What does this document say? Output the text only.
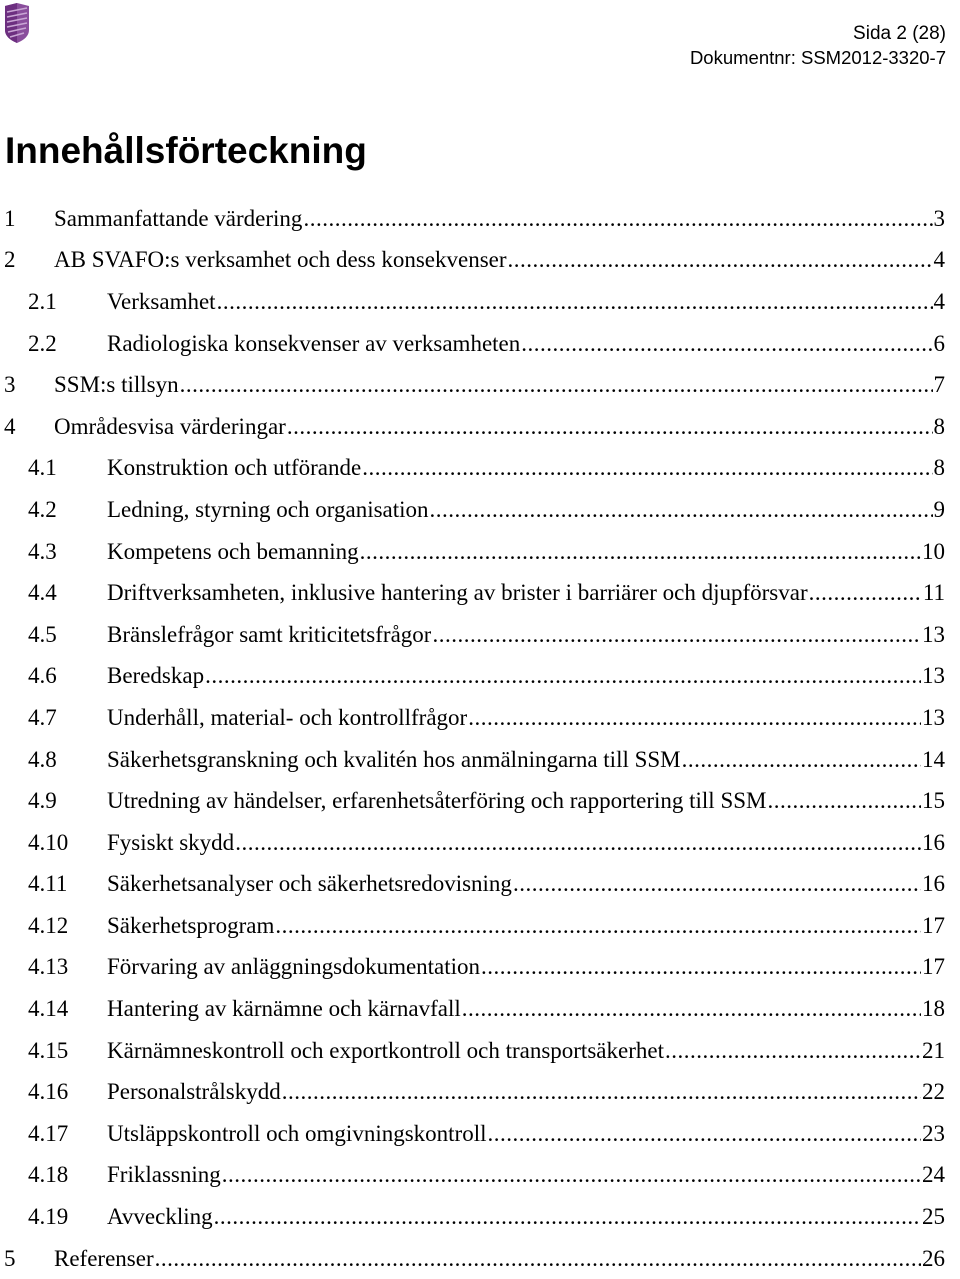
Sida 2 (28)
Dokumentnr: SSM2012-3320-7
Innehållsförteckning
1	Sammanfattande värdering .....	3
2	AB SVAFO:s verksamhet och dess konsekvenser .....	4
2.1	Verksamhet .....	4
2.2	Radiologiska konsekvenser av verksamheten .....	6
3	SSM:s tillsyn .....	7
4	Områdesvisa värderingar .....	8
4.1	Konstruktion och utförande .....	8
4.2	Ledning, styrning och organisation .....	9
4.3	Kompetens och bemanning .....	10
4.4	Driftverksamheten, inklusive hantering av brister i barriärer och djupförsvar .....	11
4.5	Bränslefrågor samt kriticitetsfrågor .....	13
4.6	Beredskap .....	13
4.7	Underhåll, material- och kontrollfrågor .....	13
4.8	Säkerhetsgranskning och kvalitén hos anmälningarna till SSM .....	14
4.9	Utredning av händelser, erfarenhetsåterföring och rapportering till SSM .....	15
4.10	Fysiskt skydd .....	16
4.11	Säkerhetsanalyser och säkerhetsredovisning .....	16
4.12	Säkerhetsprogram .....	17
4.13	Förvaring av anläggningsdokumentation .....	17
4.14	Hantering av kärnämne och kärnavfall .....	18
4.15	Kärnämneskontroll och exportkontroll och transportsäkerhet .....	21
4.16	Personalstrålskydd .....	22
4.17	Utsläppskontroll och omgivningskontroll .....	23
4.18	Friklassning .....	24
4.19	Avveckling .....	25
5	Referenser .....	26
